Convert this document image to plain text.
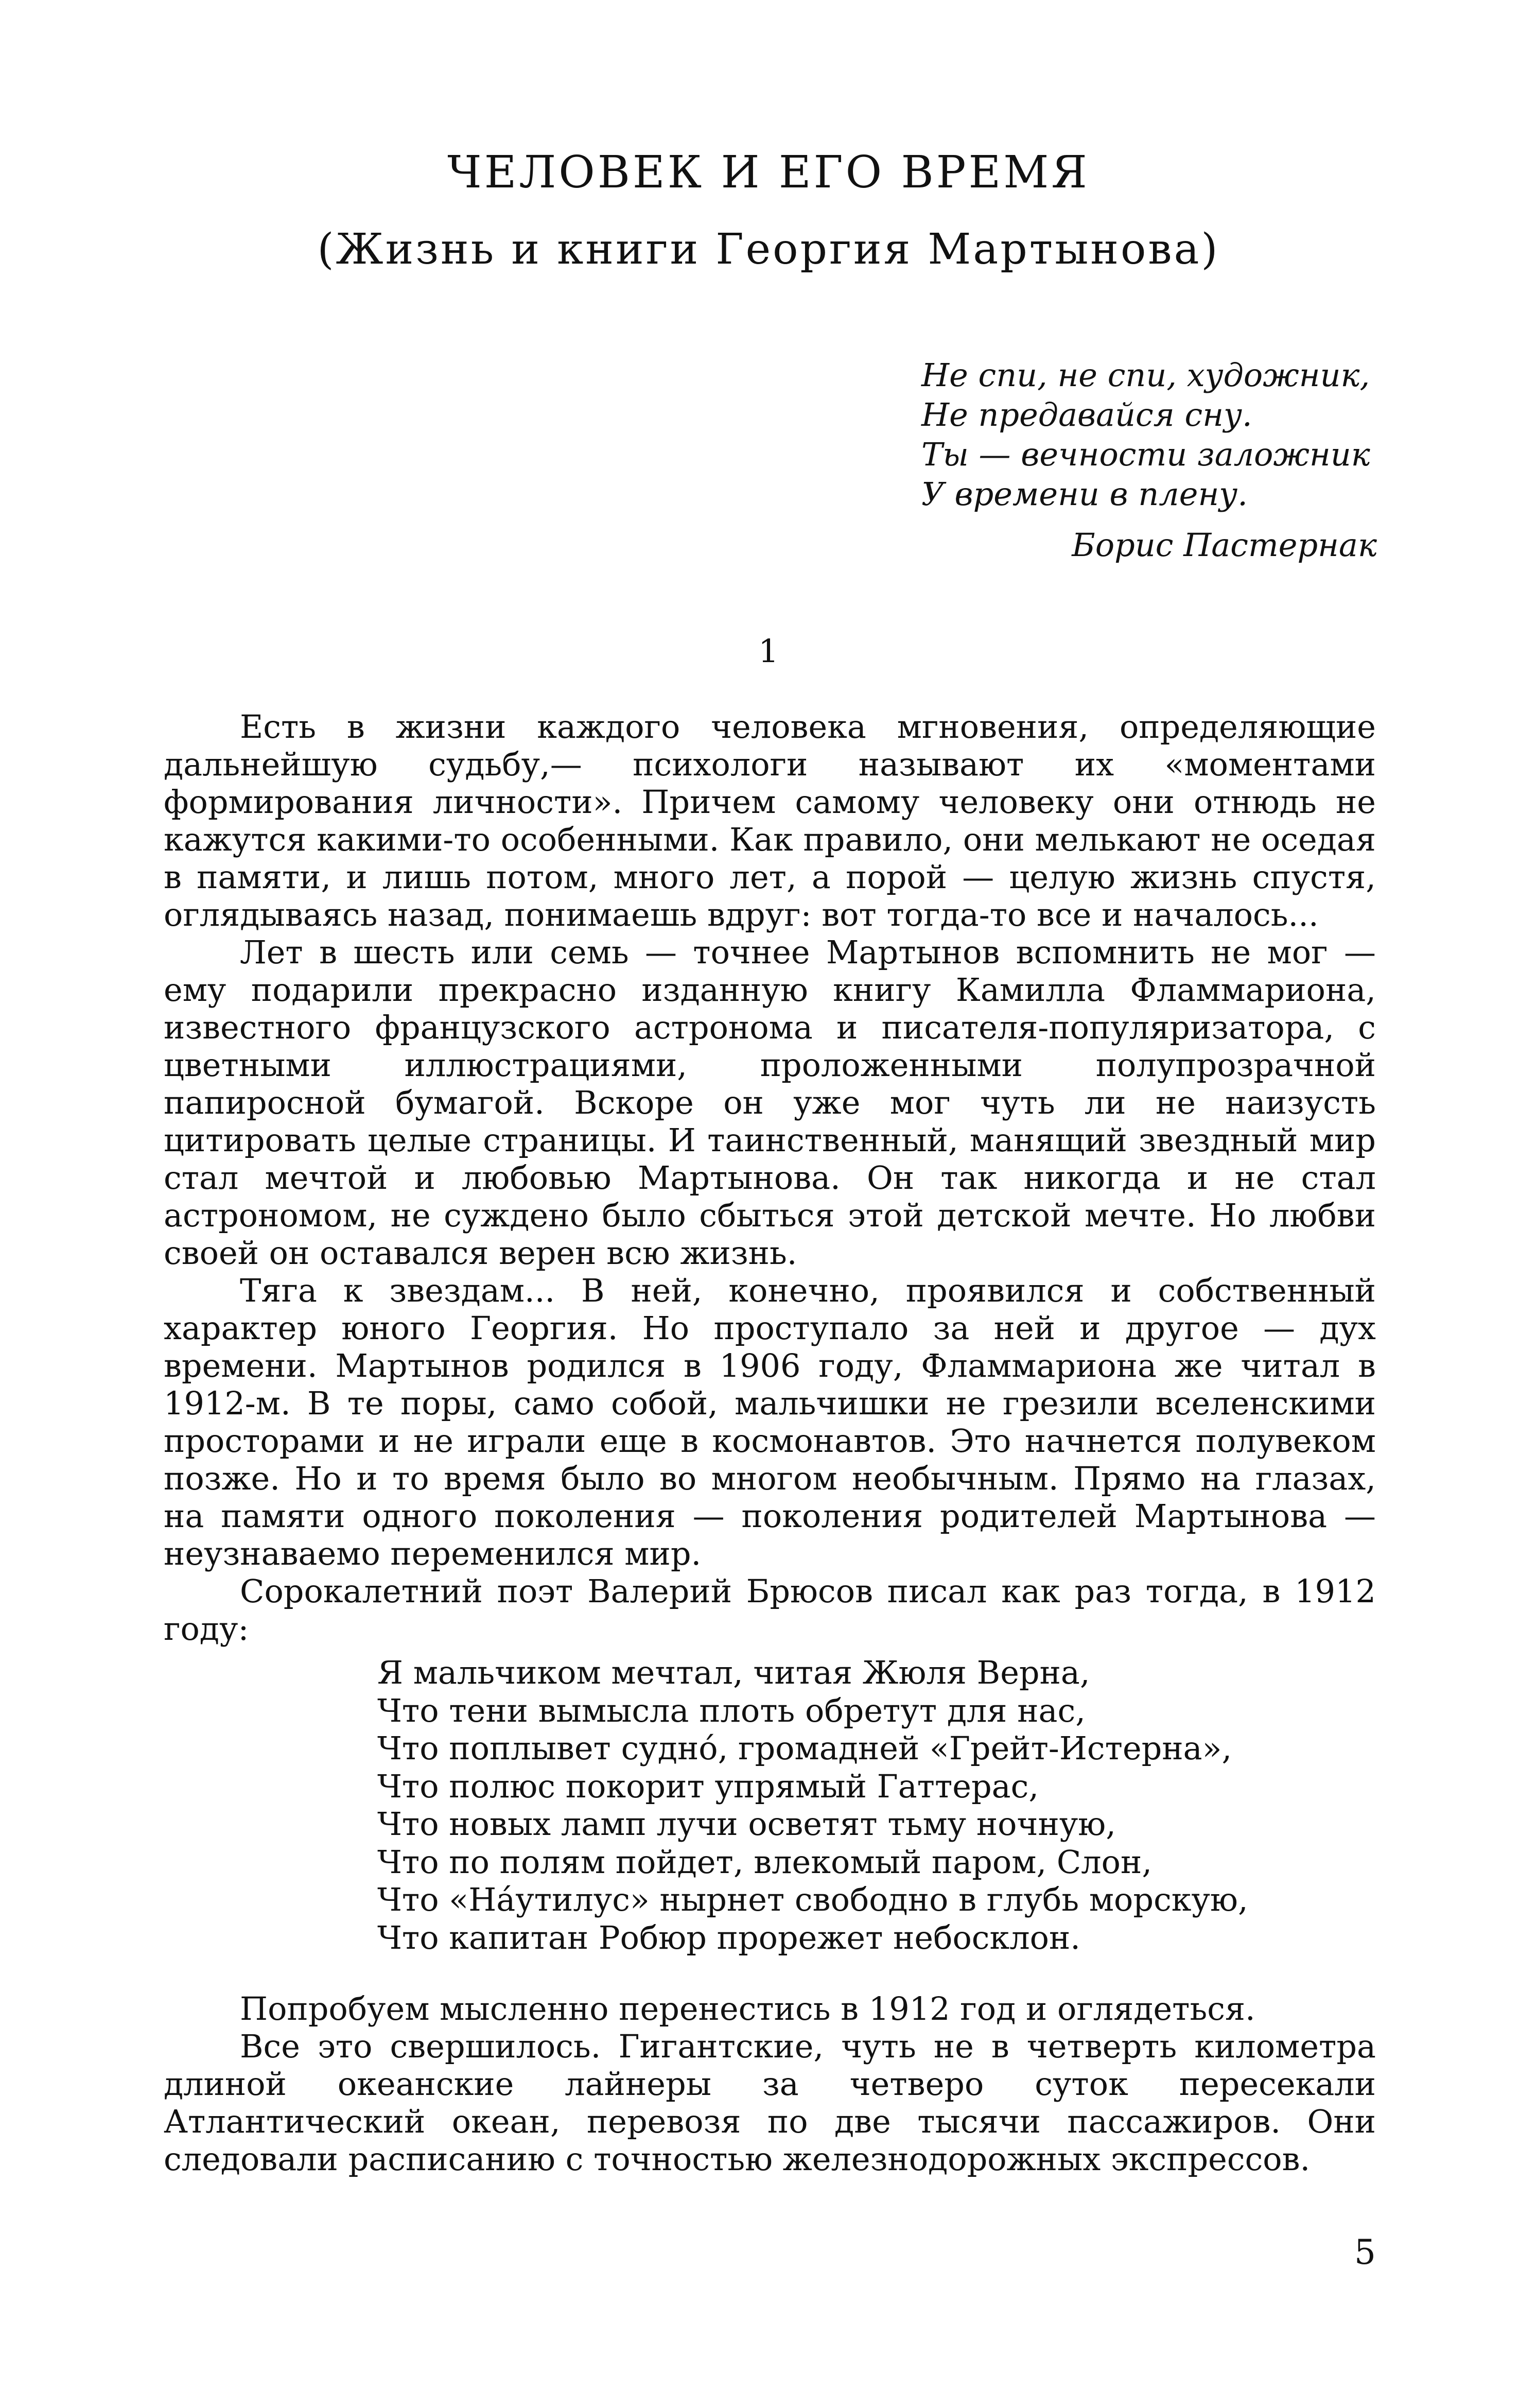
ЧЕЛОВЕК И ЕГО ВРЕМЯ
(Жизнь и книги Георгия Мартынова)
Не спи, не спи, художник,
Не предавайся сну.
Ты — вечности заложник
У времени в плену.
Борис Пастернак
1

Есть в жизни каждого человека мгновения, определяющие дальнейшую судьбу,— психологи называют их «моментами формирования личности». Причем самому человеку они отнюдь не кажутся какими-то особенными. Как правило, они мелькают не оседая в памяти, и лишь потом, много лет, а порой — целую жизнь спустя, оглядываясь назад, понимаешь вдруг: вот тогда-то все и началось...

Лет в шесть или семь — точнее Мартынов вспомнить не мог — ему подарили прекрасно изданную книгу Камилла Фламмариона, известного французского астронома и писателя-популяризатора, с цветными иллюстрациями, проложенными полупрозрачной папиросной бумагой. Вскоре он уже мог чуть ли не наизусть цитировать целые страницы. И таинственный, манящий звездный мир стал мечтой и любовью Мартынова. Он так никогда и не стал астрономом, не суждено было сбыться этой детской мечте. Но любви своей он оставался верен всю жизнь.

Тяга к звездам... В ней, конечно, проявился и собственный характер юного Георгия. Но проступало за ней и другое — дух времени. Мартынов родился в 1906 году, Фламмариона же читал в 1912-м. В те поры, само собой, мальчишки не грезили вселенскими просторами и не играли еще в космонавтов. Это начнется полувеком позже. Но и то время было во многом необычным. Прямо на глазах, на памяти одного поколения — поколения родителей Мартынова — неузнаваемо переменился мир.

Сорокалетний поэт Валерий Брюсов писал как раз тогда, в 1912 году:

Я мальчиком мечтал, читая Жюля Верна,
Что тени вымысла плоть обретут для нас,
Что поплывет суднó, громадней «Грейт-Истерна»,
Что полюс покорит упрямый Гаттерас,
Что новых ламп лучи осветят тьму ночную,
Что по полям пойдет, влекомый паром, Слон,
Что «Нáутилус» нырнет свободно в глубь морскую,
Что капитан Робюр прорежет небосклон.

Попробуем мысленно перенестись в 1912 год и оглядеться.

Все это свершилось. Гигантские, чуть не в четверть километра длиной океанские лайнеры за четверо суток пересекали Атлантический океан, перевозя по две тысячи пассажиров. Они следовали расписанию с точностью железнодорожных экспрессов.

5
